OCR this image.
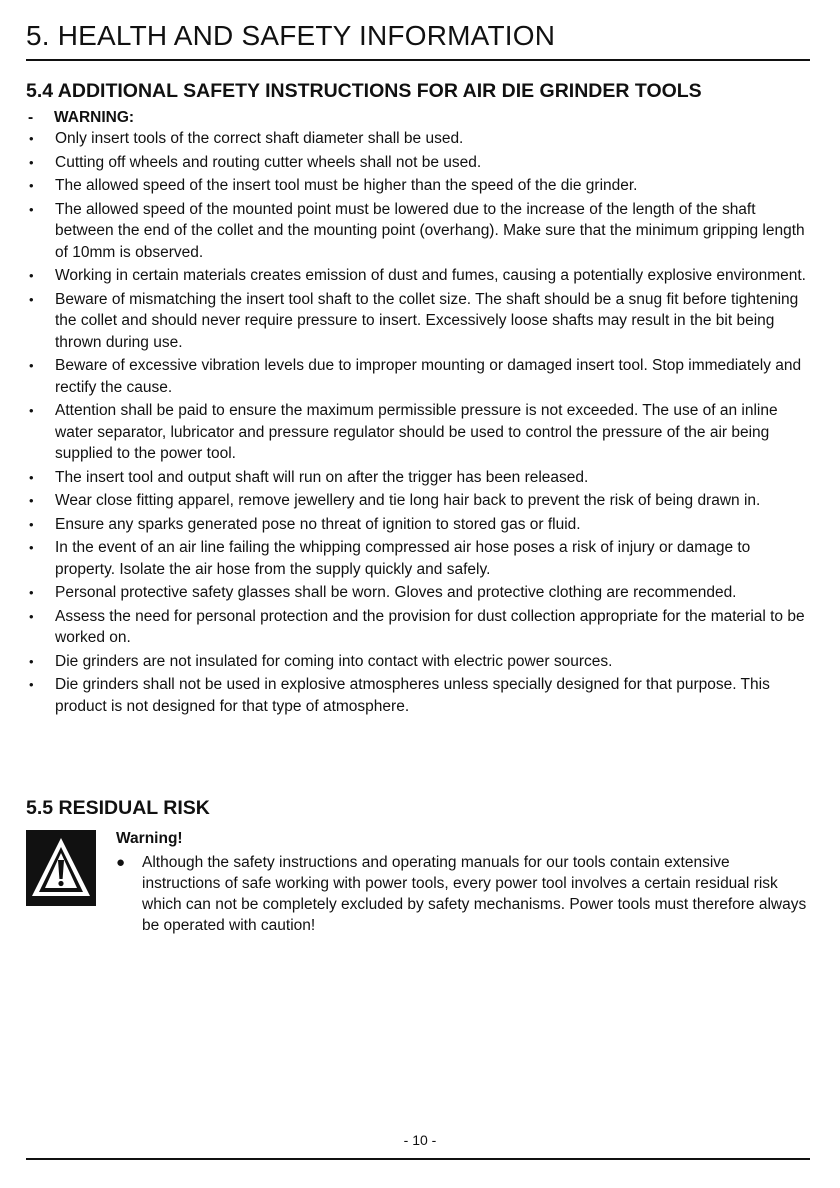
5. HEALTH AND SAFETY INFORMATION
5.4 ADDITIONAL SAFETY INSTRUCTIONS FOR AIR DIE GRINDER TOOLS
- WARNING:
• Only insert tools of the correct shaft diameter shall be used.
• Cutting off wheels and routing cutter wheels shall not be used.
• The allowed speed of the insert tool must be higher than the speed of the die grinder.
• The allowed speed of the mounted point must be lowered due to the increase of the length of the shaft between the end of the collet and the mounting point (overhang). Make sure that the minimum gripping length of 10mm is observed.
• Working in certain materials creates emission of dust and fumes, causing a potentially explosive environment.
• Beware of mismatching the insert tool shaft to the collet size. The shaft should be a snug fit before tightening the collet and should never require pressure to insert. Excessively loose shafts may result in the bit being thrown during use.
• Beware of excessive vibration levels due to improper mounting or damaged insert tool. Stop immediately and rectify the cause.
• Attention shall be paid to ensure the maximum permissible pressure is not exceeded. The use of an inline water separator, lubricator and pressure regulator should be used to control the pressure of the air being supplied to the power tool.
• The insert tool and output shaft will run on after the trigger has been released.
• Wear close fitting apparel, remove jewellery and tie long hair back to prevent the risk of being drawn in.
• Ensure any sparks generated pose no threat of ignition to stored gas or fluid.
• In the event of an air line failing the whipping compressed air hose poses a risk of injury or damage to property. Isolate the air hose from the supply quickly and safely.
• Personal protective safety glasses shall be worn. Gloves and protective clothing are recommended.
• Assess the need for personal protection and the provision for dust collection appropriate for the material to be worked on.
• Die grinders are not insulated for coming into contact with electric power sources.
• Die grinders shall not be used in explosive atmospheres unless specially designed for that purpose. This product is not designed for that type of atmosphere.
5.5 RESIDUAL RISK
Warning!
●	Although the safety instructions and operating manuals for our tools contain extensive instructions of safe working with power tools, every power tool involves a certain residual risk which can not be completely excluded by safety mechanisms. Power tools must therefore always be operated with caution!
- 10 -
